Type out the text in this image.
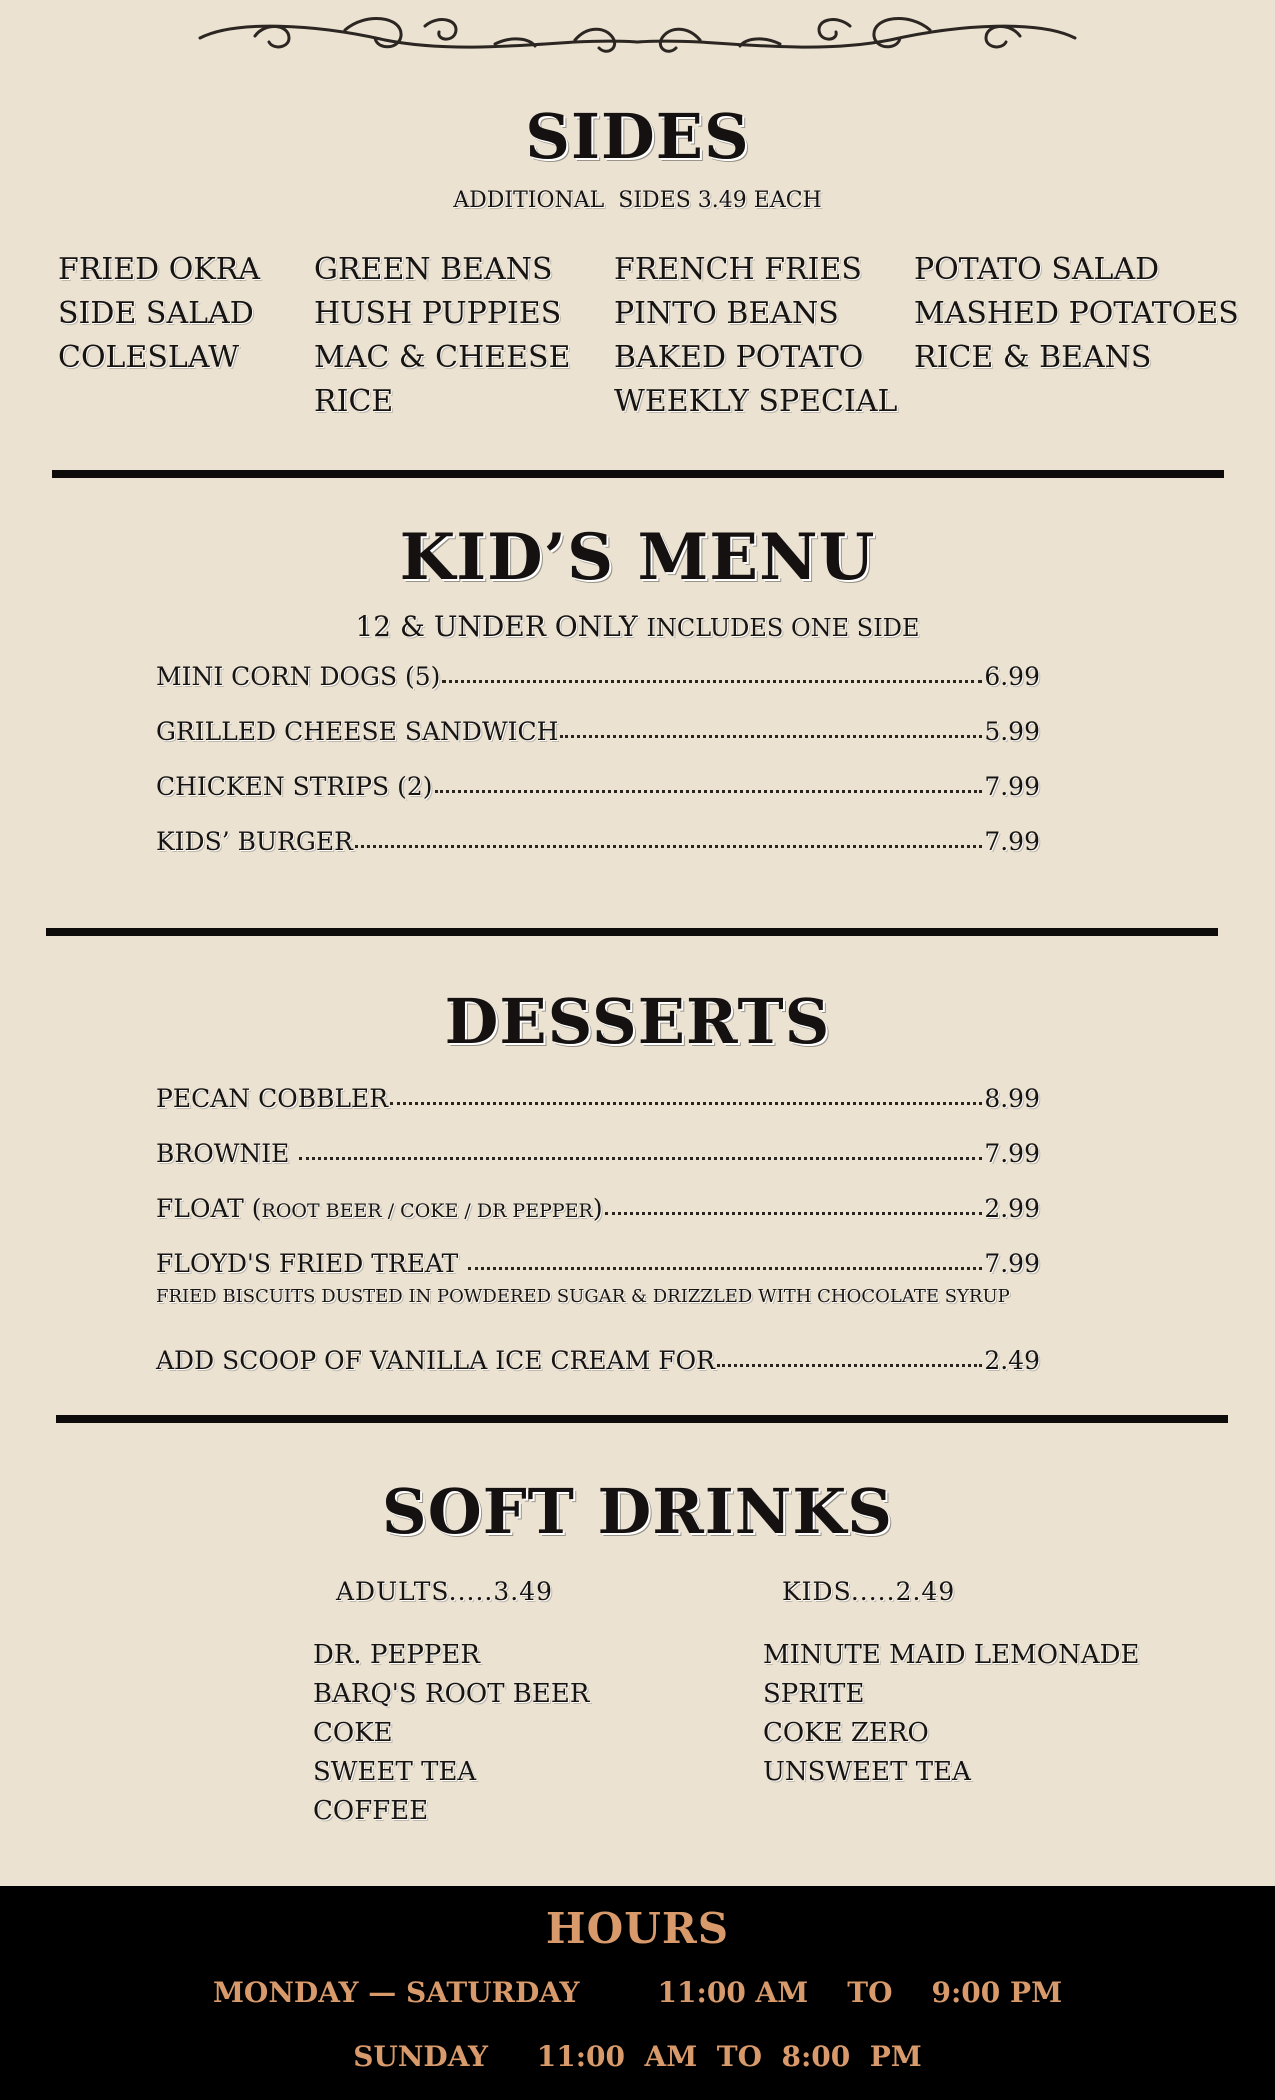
SIDES
ADDITIONAL  SIDES 3.49 EACH
FRIED OKRA
SIDE SALAD
COLESLAW
GREEN BEANS
HUSH PUPPIES
MAC & CHEESE
RICE
FRENCH FRIES
PINTO BEANS
BAKED POTATO
WEEKLY SPECIAL
POTATO SALAD
MASHED POTATOES
RICE & BEANS
KID’S MENU
12 & UNDER ONLY INCLUDES ONE SIDE
MINI CORN DOGS (5)	6.99
GRILLED CHEESE SANDWICH	5.99
CHICKEN STRIPS (2)	7.99
KIDS’ BURGER	7.99
DESSERTS
PECAN COBBLER	8.99
BROWNIE	7.99
FLOAT (ROOT BEER / COKE / DR PEPPER)	2.99
FLOYD'S FRIED TREAT	7.99
FRIED BISCUITS DUSTED IN POWDERED SUGAR & DRIZZLED WITH CHOCOLATE SYRUP
ADD SCOOP OF VANILLA ICE CREAM FOR	2.49
SOFT DRINKS
ADULTS.....3.49	KIDS.....2.49
DR. PEPPER
BARQ'S ROOT BEER
COKE
SWEET TEA
COFFEE
MINUTE MAID LEMONADE
SPRITE
COKE ZERO
UNSWEET TEA
HOURS
MONDAY — SATURDAY        11:00 AM    TO    9:00 PM
SUNDAY     11:00  AM  TO  8:00  PM
